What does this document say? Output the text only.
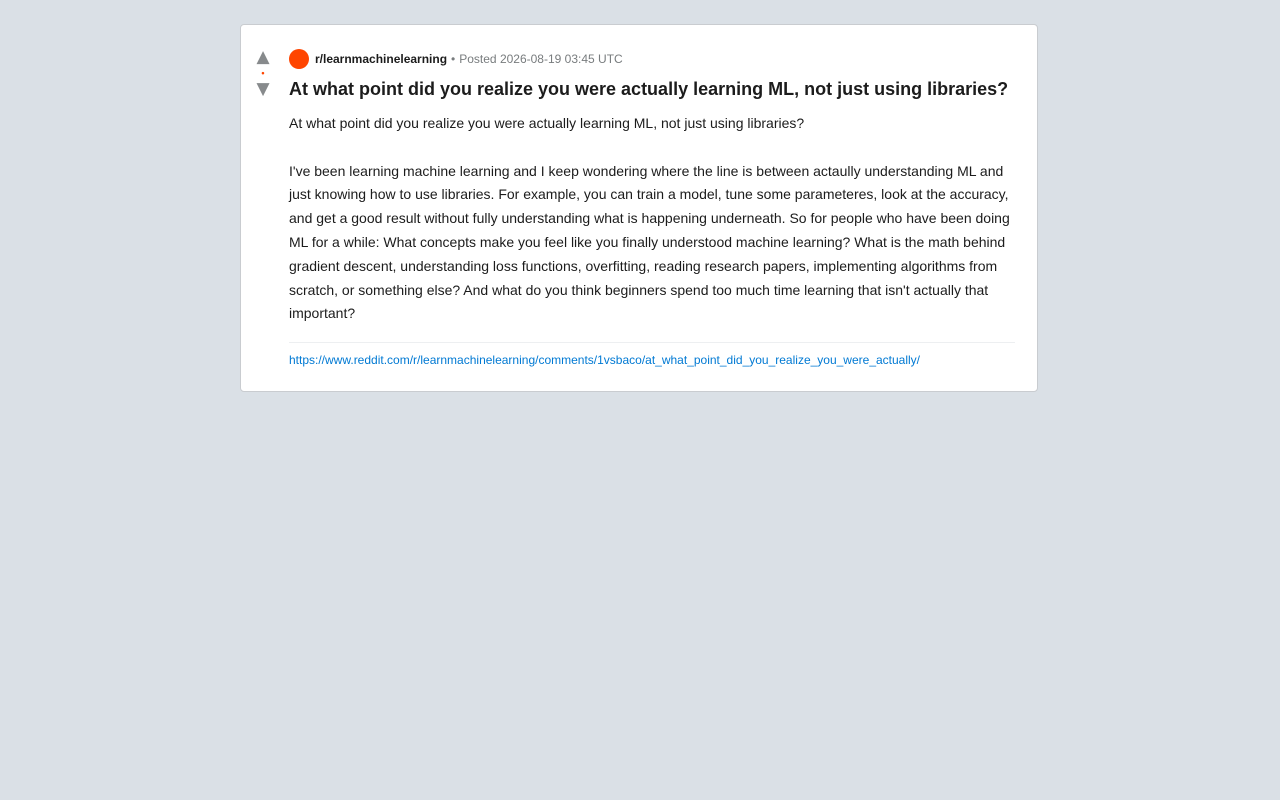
▲
•
▼
r/learnmachinelearning • Posted 2026-08-19 03:45 UTC
At what point did you realize you were actually learning ML, not just using libraries?

At what point did you realize you were actually learning ML, not just using libraries?

I've been learning machine learning and I keep wondering where the line is between actaully understanding ML and just knowing how to use libraries. For example, you can train a model, tune some parameteres, look at the accuracy, and get a good result without fully understanding what is happening underneath. So for people who have been doing ML for a while: What concepts make you feel like you finally understood machine learning? What is the math behind gradient descent, understanding loss functions, overfitting, reading research papers, implementing algorithms from scratch, or something else? And what do you think beginners spend too much time learning that isn't actually that important?

https://www.reddit.com/r/learnmachinelearning/comments/1vsbaco/at_what_point_did_you_realize_you_were_actually/
